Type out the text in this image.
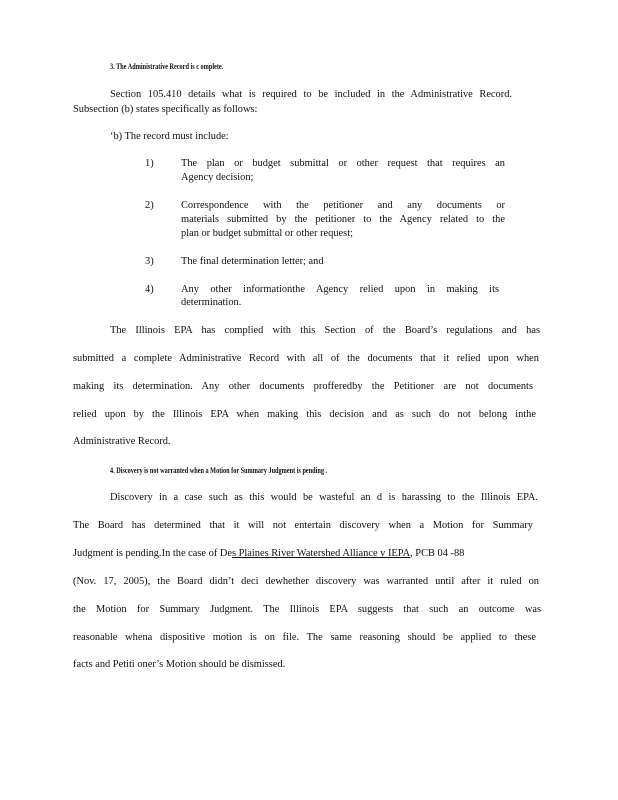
3. The Administrative Record is c omplete.
Section 105.410 details what is required to be included in the Administrative Record.
Subsection (b) states specifically as follows:
‘b) The record must include:
1)	The plan or budget submittal or other request that requires an
Agency decision;
2)	Correspondence with the petitioner and any documents or
materials submitted by the petitioner to the Agency related to the
plan or budget submittal or other request;
3)	The final determination letter; and
4)	Any other informationthe Agency relied upon in making its
determination.
The Illinois EPA has complied with this Section of the Board’s regulations and has
submitted a complete Administrative Record with all of the documents that it relied upon when
making its determination. Any other documents profferedby the Petitioner are not documents
relied upon by the Illinois EPA when making this decision and as such do not belong inthe
Administrative Record.
4. Discovery is not warranted when a Motion for Summary Judgment is pending .
Discovery in a case such as this would be wasteful an d is harassing to the Illinois EPA.
The Board has determined that it will not entertain discovery when a Motion for Summary
Judgment is pending.In the case of Des Plaines River Watershed Alliance v IEPA, PCB 04 -88
(Nov. 17, 2005), the Board didn’t deci dewhether discovery was warranted until after it ruled on
the Motion for Summary Judgment. The Illinois EPA suggests that such an outcome was
reasonable whena dispositive motion is on file. The same reasoning should be applied to these
facts and Petiti oner’s Motion should be dismissed.
